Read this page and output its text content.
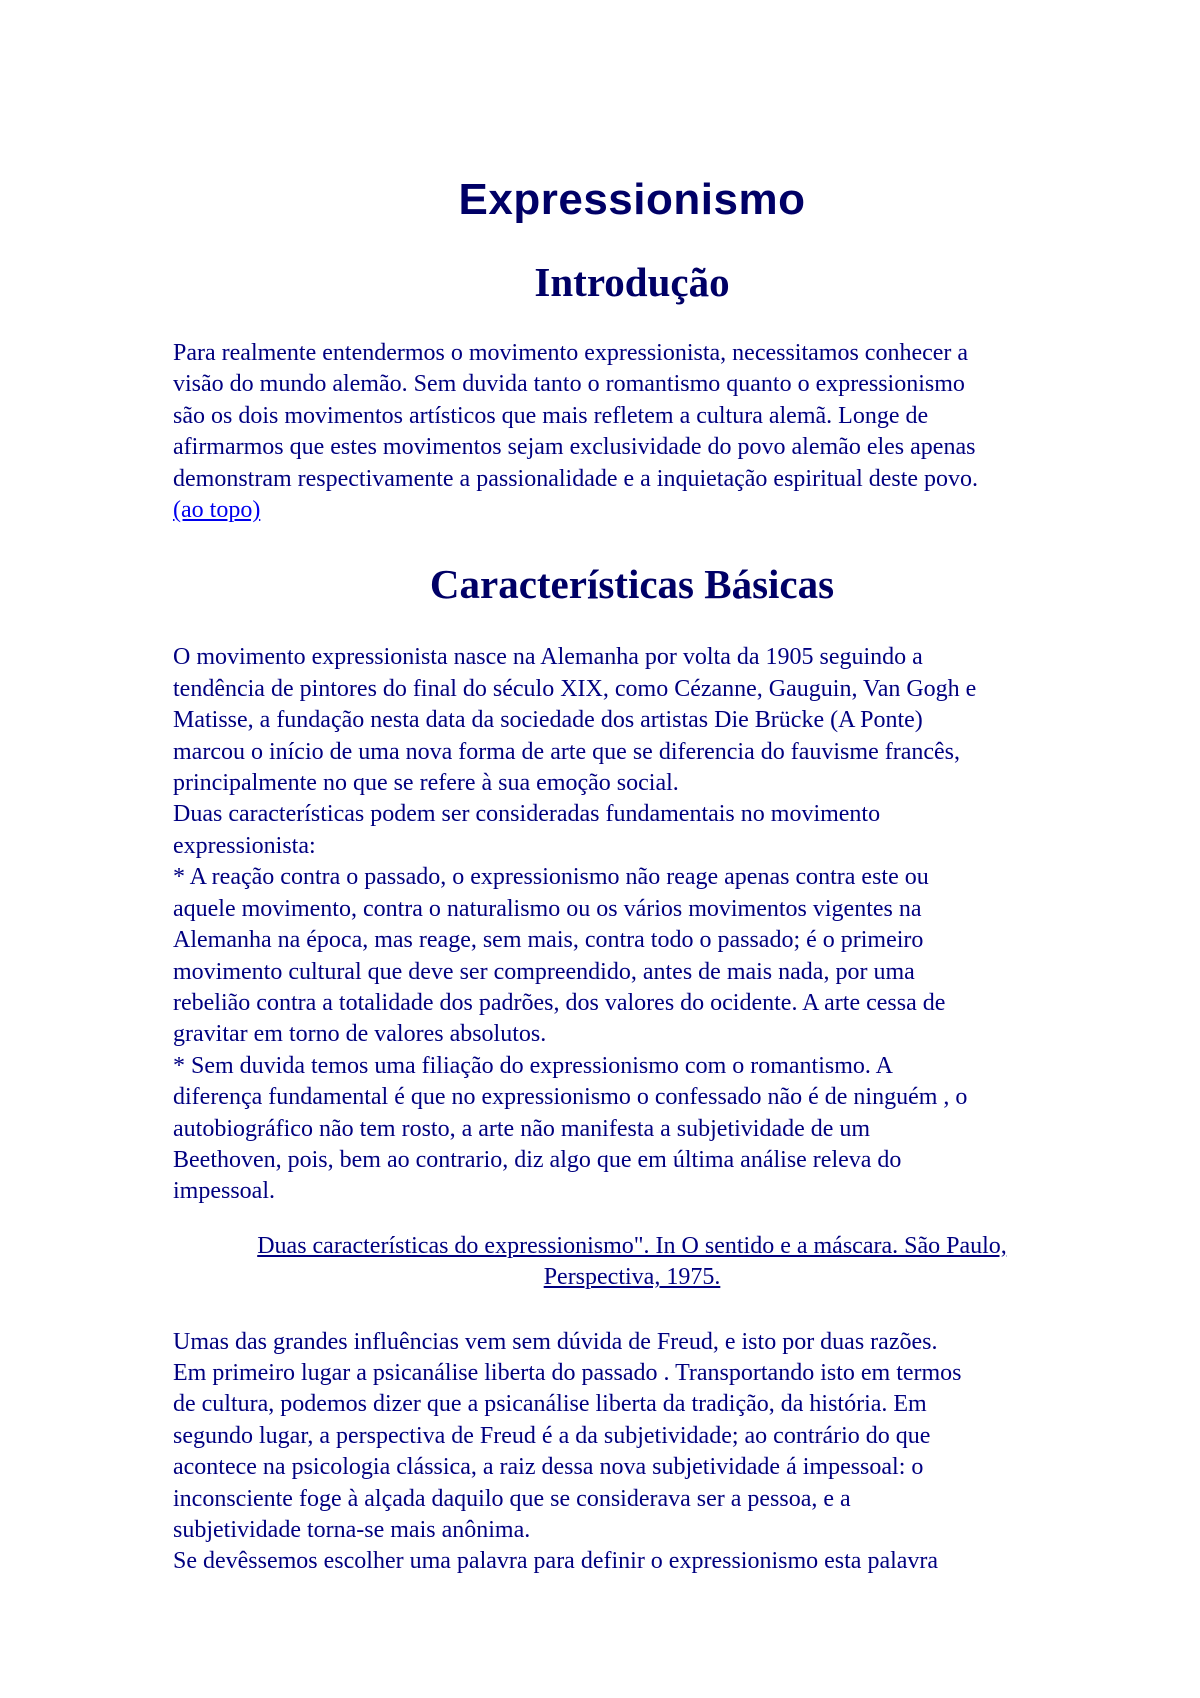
Expressionismo
Introdução

Para realmente entendermos o movimento expressionista, necessitamos conhecer a
visão do mundo alemão. Sem duvida tanto o romantismo quanto o expressionismo
são os dois movimentos artísticos que mais refletem a cultura alemã. Longe de
afirmarmos que estes movimentos sejam exclusividade do povo alemão eles apenas
demonstram respectivamente a passionalidade e a inquietação espiritual deste povo.
(ao topo)

Características Básicas

O movimento expressionista nasce na Alemanha por volta da 1905 seguindo a
tendência de pintores do final do século XIX, como Cézanne, Gauguin, Van Gogh e
Matisse, a fundação nesta data da sociedade dos artistas Die Brücke (A Ponte)
marcou o início de uma nova forma de arte que se diferencia do fauvisme francês,
principalmente no que se refere à sua emoção social.
Duas características podem ser consideradas fundamentais no movimento
expressionista:
* A reação contra o passado, o expressionismo não reage apenas contra este ou
aquele movimento, contra o naturalismo ou os vários movimentos vigentes na
Alemanha na época, mas reage, sem mais, contra todo o passado; é o primeiro
movimento cultural que deve ser compreendido, antes de mais nada, por uma
rebelião contra a totalidade dos padrões, dos valores do ocidente. A arte cessa de
gravitar em torno de valores absolutos.
* Sem duvida temos uma filiação do expressionismo com o romantismo. A
diferença fundamental é que no expressionismo o confessado não é de ninguém , o
autobiográfico não tem rosto, a arte não manifesta a subjetividade de um
Beethoven, pois, bem ao contrario, diz algo que em última análise releva do
impessoal.

Duas características do expressionismo". In O sentido e a máscara. São Paulo,
Perspectiva, 1975.

Umas das grandes influências vem sem dúvida de Freud, e isto por duas razões.
Em primeiro lugar a psicanálise liberta do passado . Transportando isto em termos
de cultura, podemos dizer que a psicanálise liberta da tradição, da história. Em
segundo lugar, a perspectiva de Freud é a da subjetividade; ao contrário do que
acontece na psicologia clássica, a raiz dessa nova subjetividade á impessoal: o
inconsciente foge à alçada daquilo que se considerava ser a pessoa, e a
subjetividade torna-se mais anônima.
Se devêssemos escolher uma palavra para definir o expressionismo esta palavra
